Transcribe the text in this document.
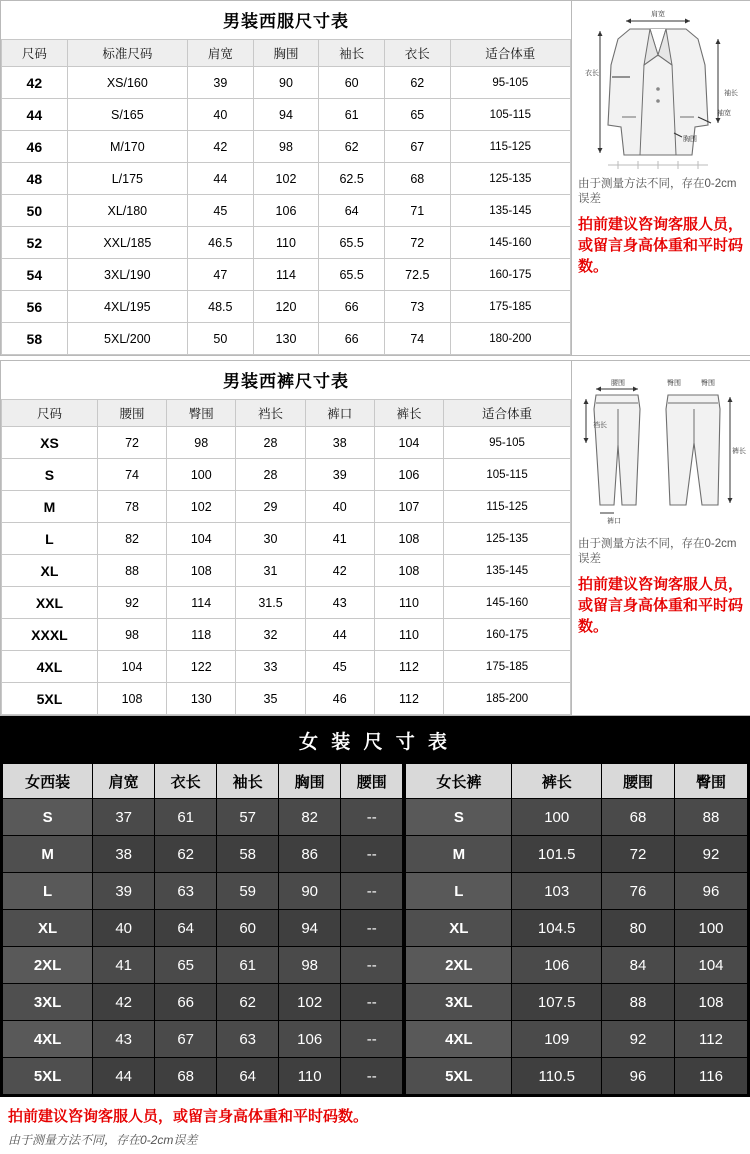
男装西服尺寸表
尺码	标准尺码	肩宽	胸围	袖长	衣长	适合体重
42	XS/160	39	90	60	62	95-105
44	S/165	40	94	61	65	105-115
46	M/170	42	98	62	67	115-125
48	L/175	44	102	62.5	68	125-135
50	XL/180	45	106	64	71	135-145
52	XXL/185	46.5	110	65.5	72	145-160
54	3XL/190	47	114	65.5	72.5	160-175
56	4XL/195	48.5	120	66	73	175-185
58	5XL/200	50	130	66	74	180-200
肩宽
衣长
袖长
袖宽
胸围
由于测量方法不同，存在0-2cm误差
拍前建议咨询客服人员，或留言身高体重和平时码数。
男装西裤尺寸表
尺码	腰围	臀围	裆长	裤口	裤长	适合体重
XS	72	98	28	38	104	95-105
S	74	100	28	39	106	105-115
M	78	102	29	40	107	115-125
L	82	104	30	41	108	125-135
XL	88	108	31	42	108	135-145
XXL	92	114	31.5	43	110	145-160
XXXL	98	118	32	44	110	160-175
4XL	104	122	33	45	112	175-185
5XL	108	130	35	46	112	185-200
腰围	臀围	臀围
裤长
裆长
裤口
由于测量方法不同，存在0-2cm误差
拍前建议咨询客服人员，或留言身高体重和平时码数。
女 装 尺 寸 表
女西装	肩宽	衣长	袖长	胸围	腰围
S	37	61	57	82	--
M	38	62	58	86	--
L	39	63	59	90	--
XL	40	64	60	94	--
2XL	41	65	61	98	--
3XL	42	66	62	102	--
4XL	43	67	63	106	--
5XL	44	68	64	110	--
女长裤	裤长	腰围	臀围
S	100	68	88
M	101.5	72	92
L	103	76	96
XL	104.5	80	100
2XL	106	84	104
3XL	107.5	88	108
4XL	109	92	112
5XL	110.5	96	116
拍前建议咨询客服人员，或留言身高体重和平时码数。
由于测量方法不同，存在0-2cm误差
